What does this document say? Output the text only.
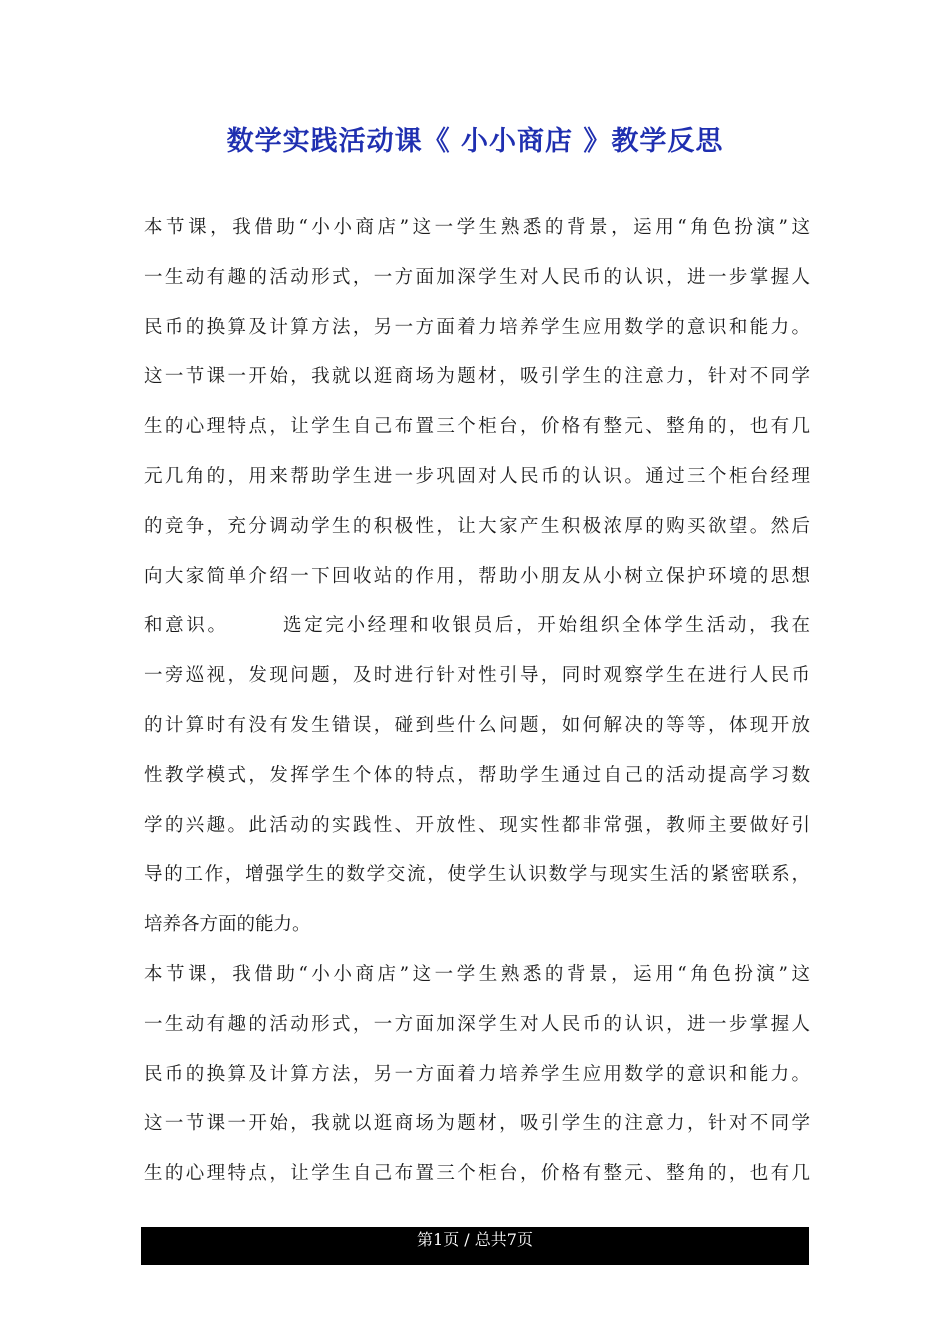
数学实践活动课《 小小商店 》教学反思
本节课，我借助“小小商店”这一学生熟悉的背景，运用“角色扮演”这
一生动有趣的活动形式，一方面加深学生对人民币的认识，进一步掌握人
民币的换算及计算方法，另一方面着力培养学生应用数学的意识和能力。
这一节课一开始，我就以逛商场为题材，吸引学生的注意力，针对不同学
生的心理特点，让学生自己布置三个柜台，价格有整元、整角的，也有几
元几角的，用来帮助学生进一步巩固对人民币的认识。通过三个柜台经理
的竞争，充分调动学生的积极性，让大家产生积极浓厚的购买欲望。然后
向大家简单介绍一下回收站的作用，帮助小朋友从小树立保护环境的思想
和意识。　　　选定完小经理和收银员后，开始组织全体学生活动，我在
一旁巡视，发现问题，及时进行针对性引导，同时观察学生在进行人民币
的计算时有没有发生错误，碰到些什么问题，如何解决的等等，体现开放
性教学模式，发挥学生个体的特点，帮助学生通过自己的活动提高学习数
学的兴趣。此活动的实践性、开放性、现实性都非常强，教师主要做好引
导的工作，增强学生的数学交流，使学生认识数学与现实生活的紧密联系，
培养各方面的能力。
本节课，我借助“小小商店”这一学生熟悉的背景，运用“角色扮演”这
一生动有趣的活动形式，一方面加深学生对人民币的认识，进一步掌握人
民币的换算及计算方法，另一方面着力培养学生应用数学的意识和能力。
这一节课一开始，我就以逛商场为题材，吸引学生的注意力，针对不同学
生的心理特点，让学生自己布置三个柜台，价格有整元、整角的，也有几
第1页 / 总共7页
